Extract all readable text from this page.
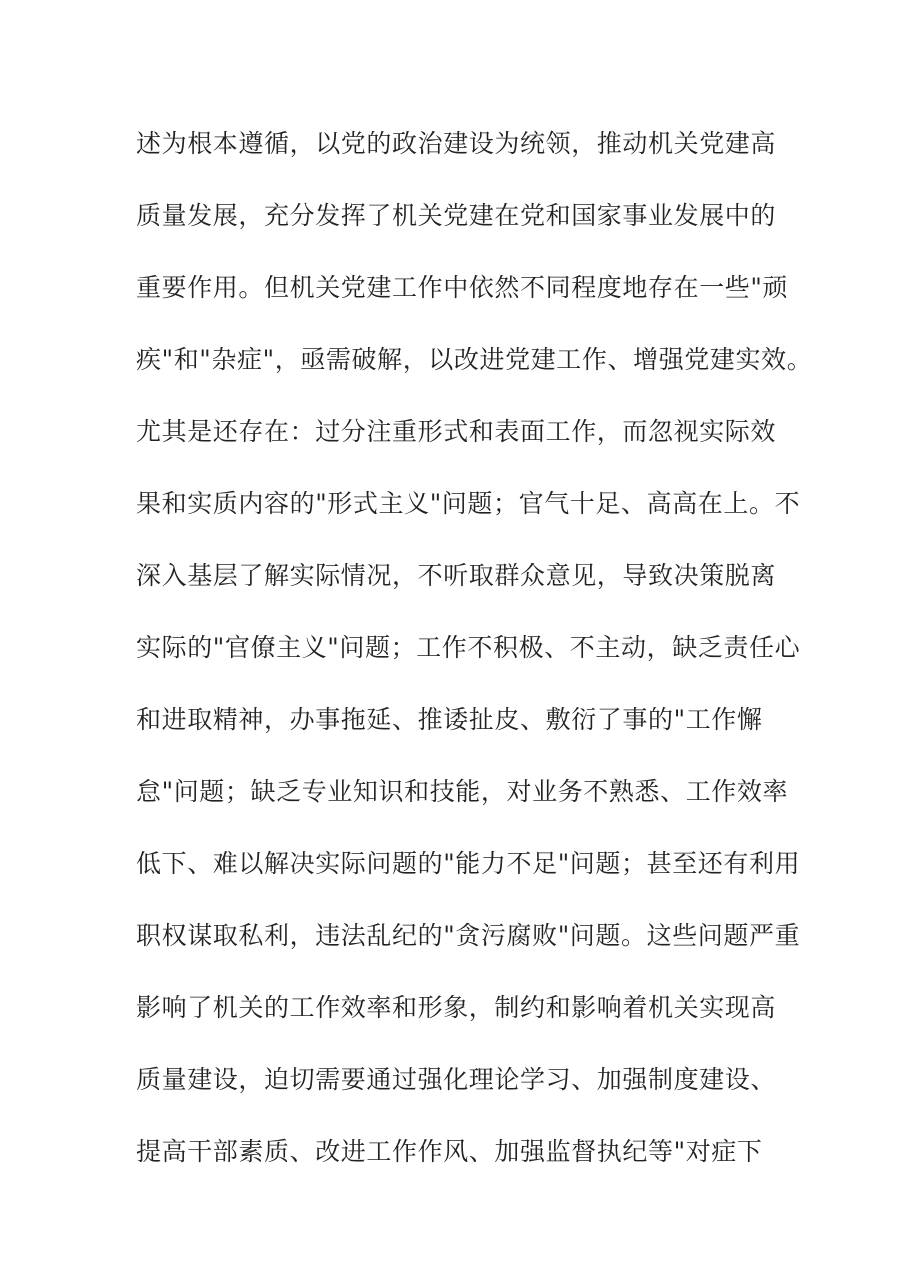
述为根本遵循，以党的政治建设为统领，推动机关党建高
质量发展，充分发挥了机关党建在党和国家事业发展中的
重要作用。但机关党建工作中依然不同程度地存在一些"顽
疾"和"杂症"，亟需破解，以改进党建工作、增强党建实效。
尤其是还存在：过分注重形式和表面工作，而忽视实际效
果和实质内容的"形式主义"问题；官气十足、高高在上。不
深入基层了解实际情况，不听取群众意见，导致决策脱离
实际的"官僚主义"问题；工作不积极、不主动，缺乏责任心
和进取精神，办事拖延、推诿扯皮、敷衍了事的"工作懈
怠"问题；缺乏专业知识和技能，对业务不熟悉、工作效率
低下、难以解决实际问题的"能力不足"问题；甚至还有利用
职权谋取私利，违法乱纪的"贪污腐败"问题。这些问题严重
影响了机关的工作效率和形象，制约和影响着机关实现高
质量建设，迫切需要通过强化理论学习、加强制度建设、
提高干部素质、改进工作作风、加强监督执纪等"对症下
